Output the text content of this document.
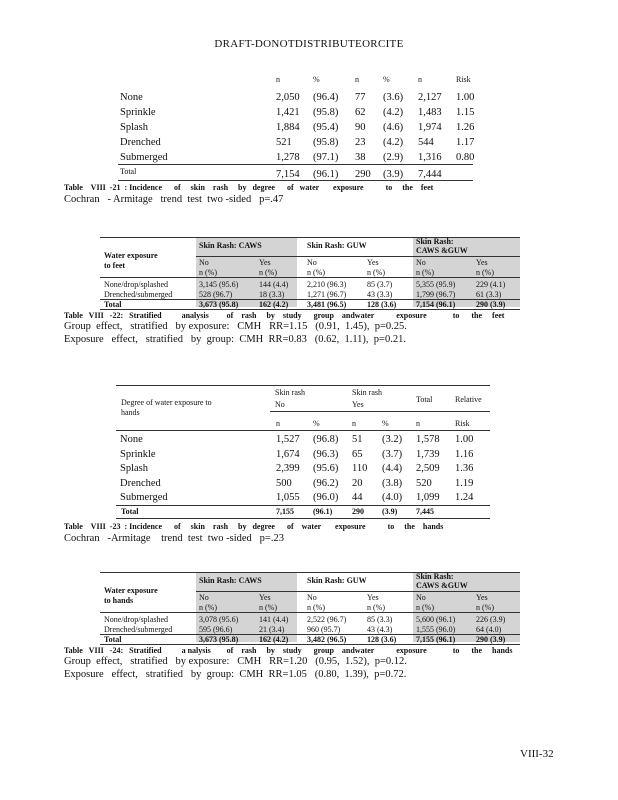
DRAFT-DONOTDISTRIBUTEORCITE
n	%	n	%	n	Risk
None	2,050 (96.4) 77 (3.6) 2,127 1.00
Sprinkle	1,421 (95.8) 62 (4.2) 1,483 1.15
Splash	1,884 (95.4) 90 (4.6) 1,974 1.26
Drenched	521 (95.8) 23 (4.2) 544 1.17
Submerged	1,278 (97.1) 38 (2.9) 1,316 0.80
Total	7,154 (96.1) 290 (3.9) 7,444
Table    VIII  -21  : Incidence      of     skin    rash     by   degree      of   water       exposure           to     the    feet
Cochran   - Armitage   trend  test  two -sided   p=.47
Skin Rash: CAWS	Skin Rash: GUW	Skin Rash:
CAWS &GUW
Water exposure
to feet	No	Yes
n (%)	n (%)
No	Yes
n (%)	n (%)
No	Yes
n (%)	n (%)
None/drop/splashed	3,145 (95.6)	144 (4.4) 2,210 (96.3)	85 (3.7)	5,355 (95.9)	229 (4.1)
Drenched/submerged	528 (96.7)	18 (3.3)	1,271 (96.7)	43 (3.3)	1,799 (96.7)	61 (3.3)
Total	3,673 (95.8)	162 (4.2) 3,481 (96.5)	128 (3.6) 7,154 (96.1)	290 (3.9)
Table   VIII   -22:   Stratified          analysis         of    rash     by    study      group    andwater           exposure             to      the     feet
Group  effect,   stratified   by exposure:   CMH   RR=1.15   (0.91,  1.45),  p=0.25.
Exposure   effect,   stratified   by  group:  CMH  RR=0.83   (0.62,  1.11),  p=0.21.
Degree of water exposure to
hands
Skin rash
No
Skin rash
Yes
Total	Relative
n	%	n	%	n	Risk
None	1,527 (96.8) 51 (3.2) 1,578 1.00
Sprinkle	1,674 (96.3) 65 (3.7) 1,739 1.16
Splash	2,399 (95.6) 110 (4.4) 2,509 1.36
Drenched	500 (96.2) 20 (3.8) 520 1.19
Submerged	1,055 (96.0) 44 (4.0) 1,099 1.24
Total	7,155 (96.1) 290 (3.9) 7,445
Table    VIII  -23  : Incidence      of     skin    rash     by   degree      of    water       exposure           to     the    hands
Cochran   -Armitage    trend  test  two -sided   p=.23
Skin Rash: CAWS	Skin Rash: GUW	Skin Rash:
CAWS &GUW
Water exposure
to hands	No	Yes
n (%)	n (%)
No	Yes
n (%)	n (%)
No	Yes
n (%)	n (%)
None/drop/splashed	3,078 (95.6)	141 (4.4) 2,522 (96.7)	85 (3.3)	5,600 (96.1)	226 (3.9)
Drenched/submerged	595 (96.6)	21 (3.4)	960 (95.7)	43 (4.3)	1,555 (96.0)	64 (4.0)
Total	3,673 (95.8)	162 (4.2) 3,482 (96.5)	128 (3.6) 7,155 (96.1)	290 (3.9)
Table   VIII   -24:   Stratified          a nalysis        of    rash     by    study      group    andwater           exposure             to      the     hands
Group  effect,   stratified   by exposure:   CMH   RR=1.20   (0.95,  1.52),  p=0.12.
Exposure   effect,   stratified   by  group:  CMH  RR=1.05   (0.80,  1.39),  p=0.72.
VIII-32
